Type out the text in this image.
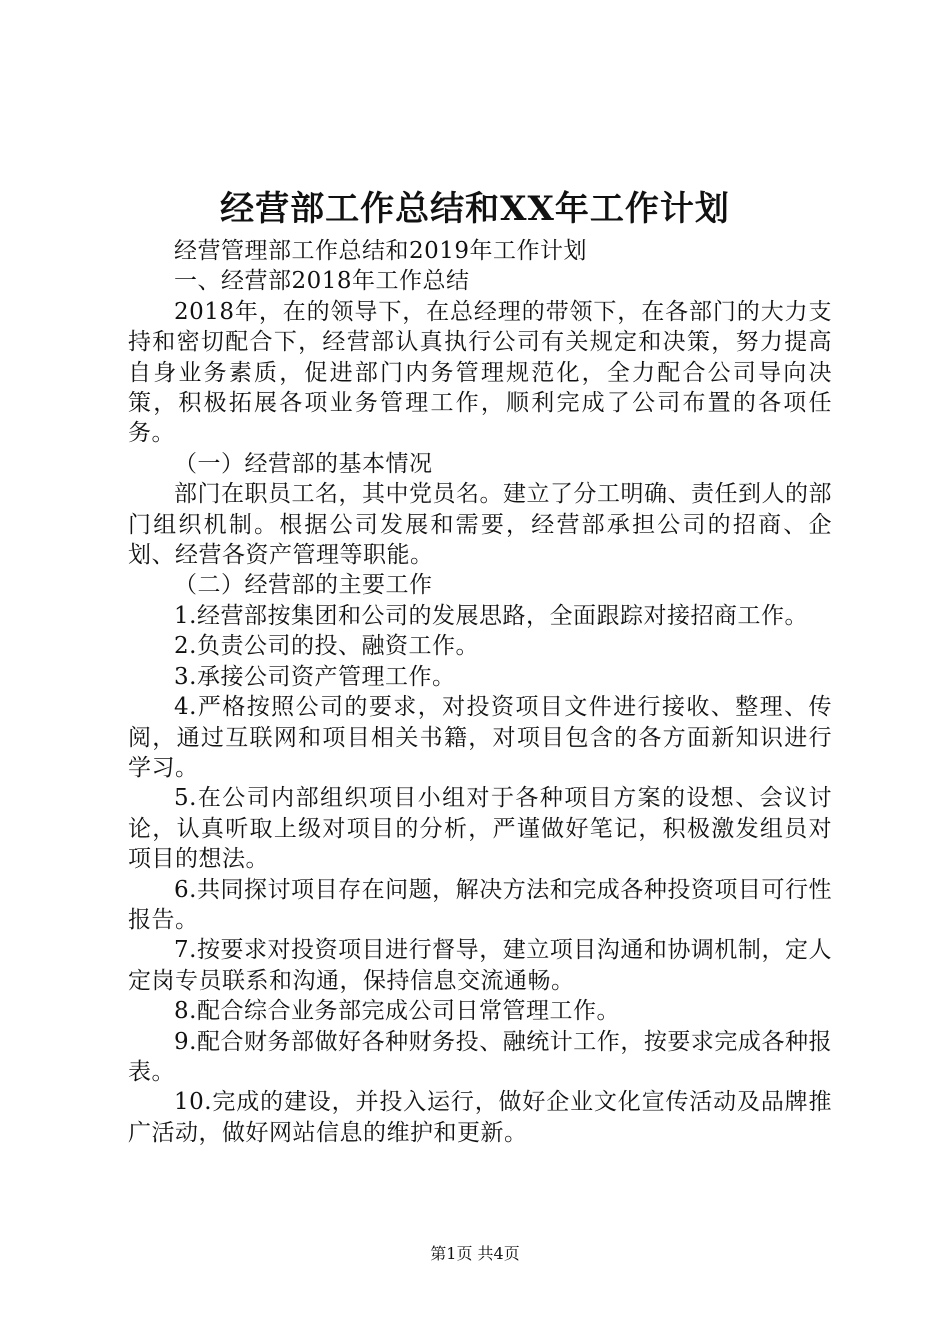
经营部工作总结和XX年工作计划

经营管理部工作总结和2019年工作计划

一、经营部2018年工作总结

2018年，在的领导下，在总经理的带领下，在各部门的大力支持和密切配合下，经营部认真执行公司有关规定和决策，努力提高自身业务素质，促进部门内务管理规范化，全力配合公司导向决策，积极拓展各项业务管理工作，顺利完成了公司布置的各项任务。

（一）经营部的基本情况

部门在职员工名，其中党员名。建立了分工明确、责任到人的部门组织机制。根据公司发展和需要，经营部承担公司的招商、企划、经营各资产管理等职能。

（二）经营部的主要工作

1.经营部按集团和公司的发展思路，全面跟踪对接招商工作。

2.负责公司的投、融资工作。

3.承接公司资产管理工作。

4.严格按照公司的要求，对投资项目文件进行接收、整理、传阅，通过互联网和项目相关书籍，对项目包含的各方面新知识进行学习。

5.在公司内部组织项目小组对于各种项目方案的设想、会议讨论，认真听取上级对项目的分析，严谨做好笔记，积极激发组员对项目的想法。

6.共同探讨项目存在问题，解决方法和完成各种投资项目可行性报告。

7.按要求对投资项目进行督导，建立项目沟通和协调机制，定人定岗专员联系和沟通，保持信息交流通畅。

8.配合综合业务部完成公司日常管理工作。

9.配合财务部做好各种财务投、融统计工作，按要求完成各种报表。

10.完成的建设，并投入运行，做好企业文化宣传活动及品牌推广活动，做好网站信息的维护和更新。

第1页 共4页
